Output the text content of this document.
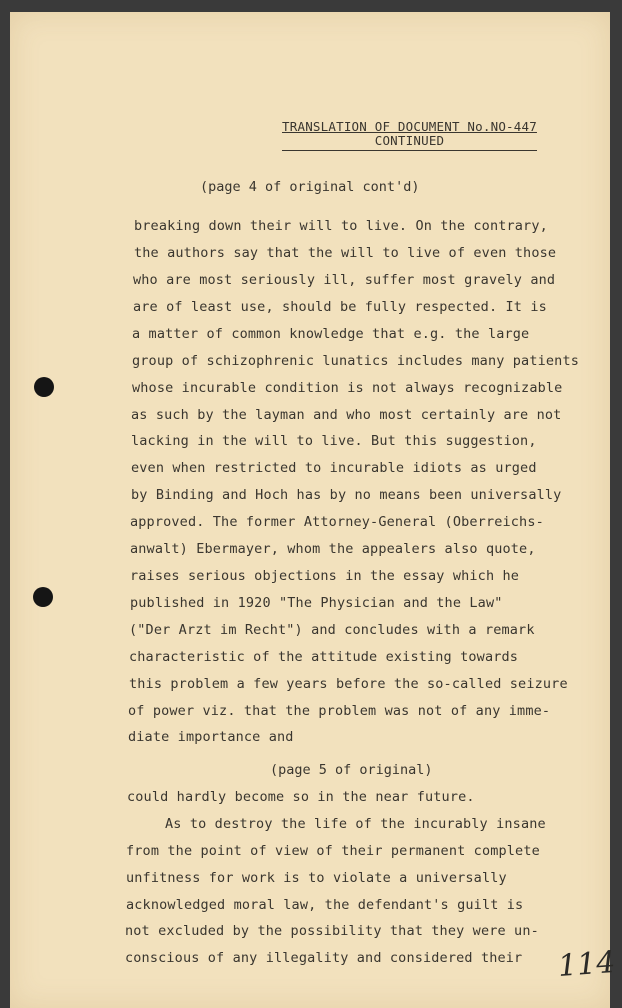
TRANSLATION OF DOCUMENT No.NO-447
CONTINUED
(page 4 of original cont'd)
breaking down their will to live. On the contrary,
the authors say that the will to live of even those
who are most seriously ill, suffer most gravely and
are of least use, should be fully respected. It is
a matter of common knowledge that e.g. the large
group of schizophrenic lunatics includes many patients
whose incurable condition is not always recognizable
as such by the layman and who most certainly are not
lacking in the will to live. But this suggestion,
even when restricted to incurable idiots as urged
by Binding and Hoch has by no means been universally
approved. The former Attorney-General (Oberreichs-
anwalt) Ebermayer, whom the appealers also quote,
raises serious objections in the essay which he
published in 1920 "The Physician and the Law"
("Der Arzt im Recht") and concludes with a remark
characteristic of the attitude existing towards
this problem a few years before the so-called seizure
of power viz. that the problem was not of any imme-
diate importance and
(page 5 of original)
could hardly become so in the near future.
As to destroy the life of the incurably insane
from the point of view of their permanent complete
unfitness for work is to violate a universally
acknowledged moral law, the defendant's guilt is
not excluded by the possibility that they were un-
conscious of any illegality and considered their 114
